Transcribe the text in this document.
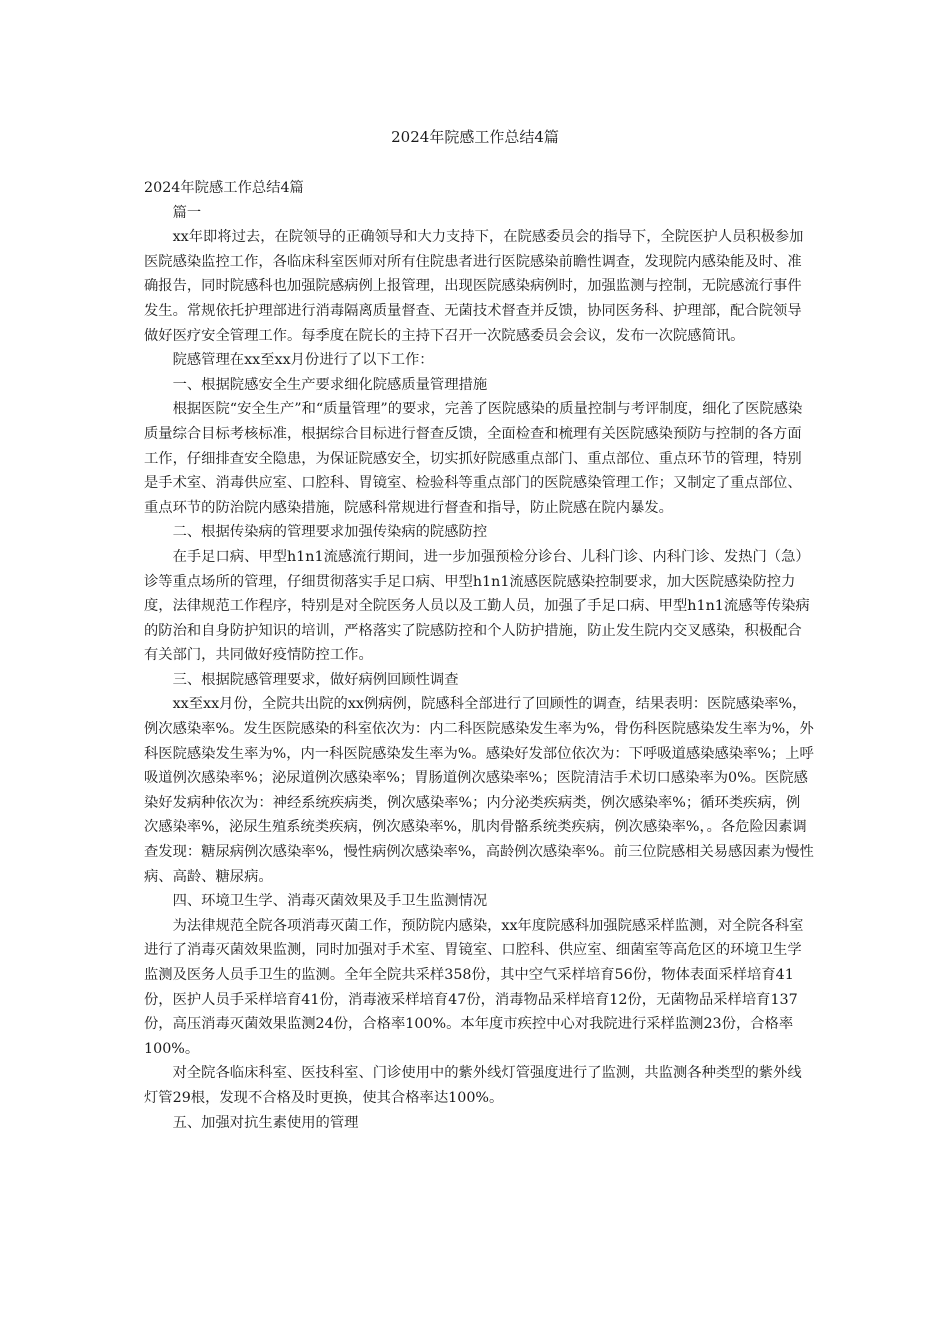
2024年院感工作总结4篇

2024年院感工作总结4篇

篇一

xx年即将过去，在院领导的正确领导和大力支持下，在院感委员会的指导下，全院医护人员积极参加医院感染监控工作，各临床科室医师对所有住院患者进行医院感染前瞻性调查，发现院内感染能及时、准确报告，同时院感科也加强院感病例上报管理，出现医院感染病例时，加强监测与控制，无院感流行事件发生。常规依托护理部进行消毒隔离质量督查、无菌技术督查并反馈，协同医务科、护理部，配合院领导做好医疗安全管理工作。每季度在院长的主持下召开一次院感委员会会议，发布一次院感简讯。

院感管理在xx至xx月份进行了以下工作：

一、根据院感安全生产要求细化院感质量管理措施

根据医院“安全生产”和“质量管理”的要求，完善了医院感染的质量控制与考评制度，细化了医院感染质量综合目标考核标准，根据综合目标进行督查反馈，全面检查和梳理有关医院感染预防与控制的各方面工作，仔细排查安全隐患，为保证院感安全，切实抓好院感重点部门、重点部位、重点环节的管理，特别是手术室、消毒供应室、口腔科、胃镜室、检验科等重点部门的医院感染管理工作；又制定了重点部位、重点环节的防治院内感染措施，院感科常规进行督查和指导，防止院感在院内暴发。

二、根据传染病的管理要求加强传染病的院感防控

在手足口病、甲型h1n1流感流行期间，进一步加强预检分诊台、儿科门诊、内科门诊、发热门（急）诊等重点场所的管理，仔细贯彻落实手足口病、甲型h1n1流感医院感染控制要求，加大医院感染防控力度，法律规范工作程序，特别是对全院医务人员以及工勤人员，加强了手足口病、甲型h1n1流感等传染病的防治和自身防护知识的培训，严格落实了院感防控和个人防护措施，防止发生院内交叉感染，积极配合有关部门，共同做好疫情防控工作。

三、根据院感管理要求，做好病例回顾性调查

xx至xx月份，全院共出院的xx例病例，院感科全部进行了回顾性的调查，结果表明：医院感染率%，例次感染率%。发生医院感染的科室依次为：内二科医院感染发生率为%，骨伤科医院感染发生率为%，外科医院感染发生率为%，内一科医院感染发生率为%。感染好发部位依次为：下呼吸道感染感染率%；上呼吸道例次感染率%；泌尿道例次感染率%；胃肠道例次感染率%；医院清洁手术切口感染率为0%。医院感染好发病种依次为：神经系统疾病类，例次感染率%；内分泌类疾病类，例次感染率%；循环类疾病，例次感染率%，泌尿生殖系统类疾病，例次感染率%，肌肉骨骼系统类疾病，例次感染率%，。各危险因素调查发现：糖尿病例次感染率%，慢性病例次感染率%，高龄例次感染率%。前三位院感相关易感因素为慢性病、高龄、糖尿病。

四、环境卫生学、消毒灭菌效果及手卫生监测情况

为法律规范全院各项消毒灭菌工作，预防院内感染，xx年度院感科加强院感采样监测，对全院各科室进行了消毒灭菌效果监测，同时加强对手术室、胃镜室、口腔科、供应室、细菌室等高危区的环境卫生学监测及医务人员手卫生的监测。全年全院共采样358份，其中空气采样培育56份，物体表面采样培育41份，医护人员手采样培育41份，消毒液采样培育47份，消毒物品采样培育12份，无菌物品采样培育137份，高压消毒灭菌效果监测24份，合格率100%。本年度市疾控中心对我院进行采样监测23份，合格率100%。

对全院各临床科室、医技科室、门诊使用中的紫外线灯管强度进行了监测，共监测各种类型的紫外线灯管29根，发现不合格及时更换，使其合格率达100%。

五、加强对抗生素使用的管理
